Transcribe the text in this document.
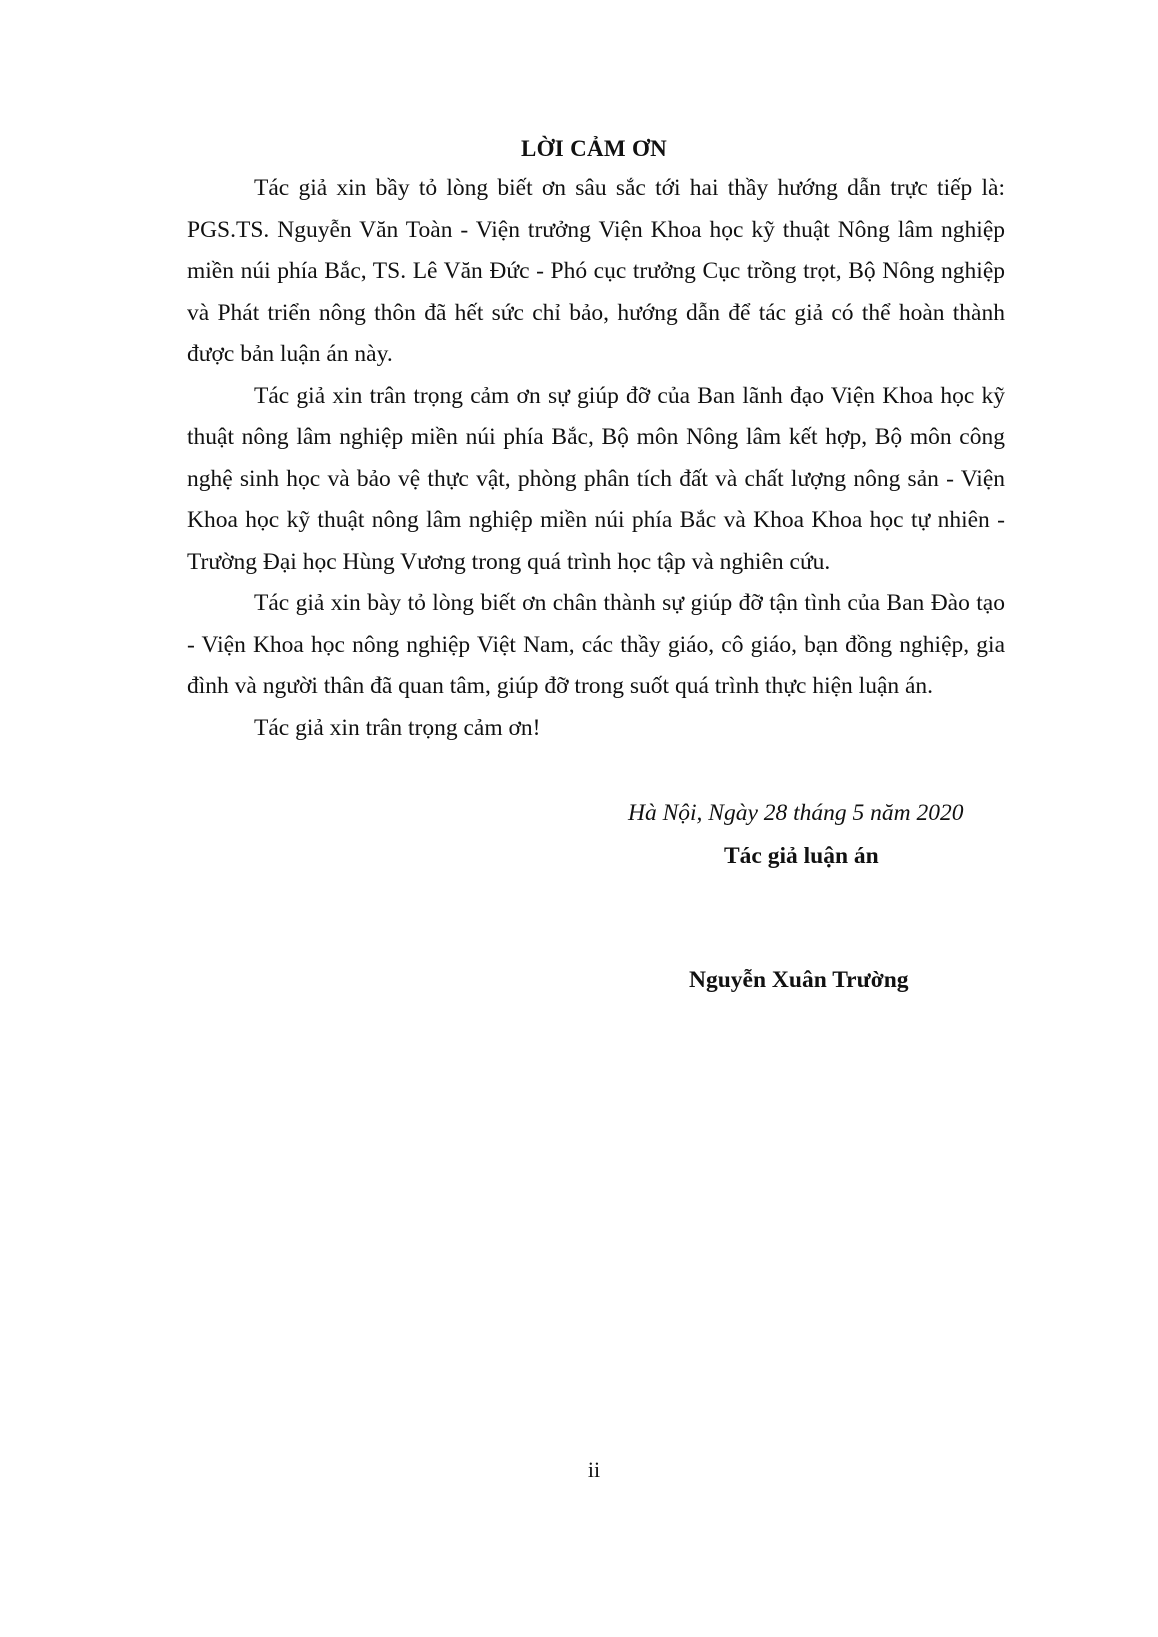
LỜI CẢM ƠN

Tác giả xin bầy tỏ lòng biết ơn sâu sắc tới hai thầy hướng dẫn trực tiếp là: PGS.TS. Nguyễn Văn Toàn - Viện trưởng Viện Khoa học kỹ thuật Nông lâm nghiệp miền núi phía Bắc, TS. Lê Văn Đức - Phó cục trưởng Cục trồng trọt, Bộ Nông nghiệp và Phát triển nông thôn đã hết sức chỉ bảo, hướng dẫn để tác giả có thể hoàn thành được bản luận án này.

Tác giả xin trân trọng cảm ơn sự giúp đỡ của Ban lãnh đạo Viện Khoa học kỹ thuật nông lâm nghiệp miền núi phía Bắc, Bộ môn Nông lâm kết hợp, Bộ môn công nghệ sinh học và bảo vệ thực vật, phòng phân tích đất và chất lượng nông sản - Viện Khoa học kỹ thuật nông lâm nghiệp miền núi phía Bắc và Khoa Khoa học tự nhiên - Trường Đại học Hùng Vương trong quá trình học tập và nghiên cứu.

Tác giả xin bày tỏ lòng biết ơn chân thành sự giúp đỡ tận tình của Ban Đào tạo - Viện Khoa học nông nghiệp Việt Nam, các thầy giáo, cô giáo, bạn đồng nghiệp, gia đình và người thân đã quan tâm, giúp đỡ trong suốt quá trình thực hiện luận án.

Tác giả xin trân trọng cảm ơn!

Hà Nội, Ngày 28 tháng 5 năm 2020
Tác giả luận án
Nguyễn Xuân Trường
ii
